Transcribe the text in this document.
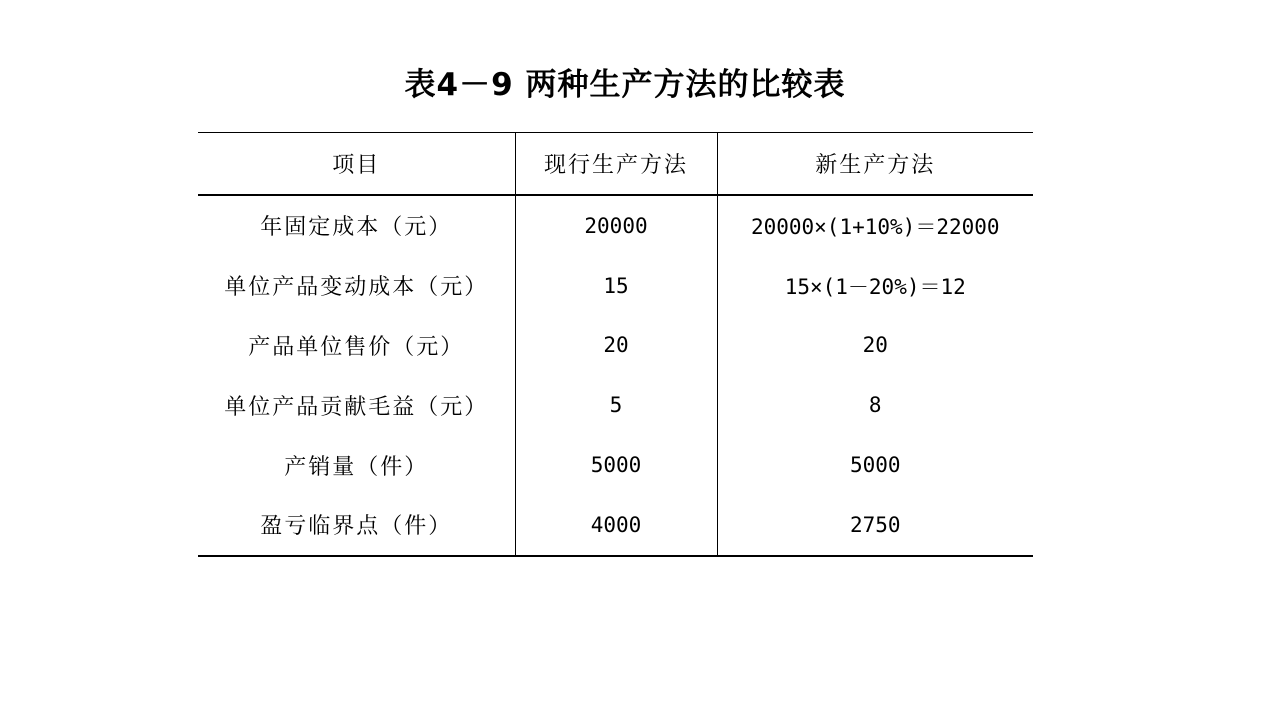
表4－9 两种生产方法的比较表
项目	现行生产方法	新生产方法
年固定成本（元）	20000	20000×(1+10%)＝22000
单位产品变动成本（元）	15	15×(1－20%)＝12
产品单位售价（元）	20	20
单位产品贡献毛益（元）	5	8
产销量（件）	5000	5000
盈亏临界点（件）	4000	2750
